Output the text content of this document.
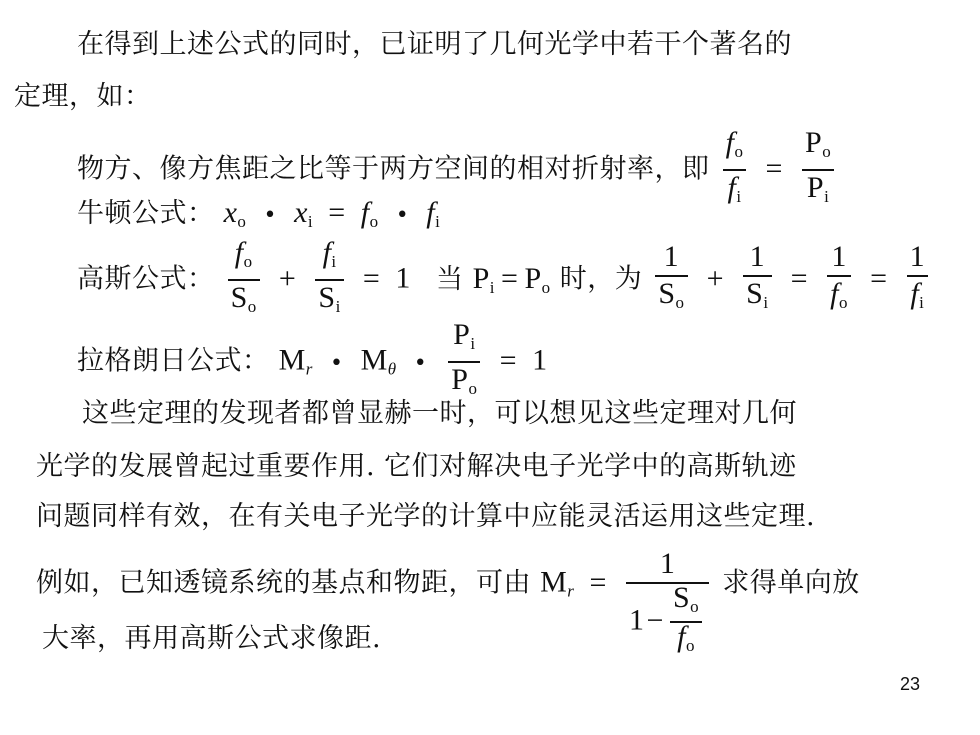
在得到上述公式的同时，已证明了几何光学中若干个著名的
定理，如：
物方、像方焦距之比等于两方空间的相对折射率，即 $\frac{f_o}{f_i} = \frac{P_o}{P_i}$
牛顿公式： $x_o$ • $x_i = f_o$ • $f_i$
高斯公式： $\frac{f_o}{S_o} + \frac{f_i}{S_i} = 1$ 当 $P_i = P_o$ 时，为 $\frac{1}{S_o} + \frac{1}{S_i} = \frac{1}{f_o} = \frac{1}{f_i}$
拉格朗日公式： $M_r$ • $M_\theta$ • $\frac{P_i}{P_o} = 1$
这些定理的发现者都曾显赫一时，可以想见这些定理对几何
光学的发展曾起过重要作用. 它们对解决电子光学中的高斯轨迹
问题同样有效，在有关电子光学的计算中应能灵活运用这些定理.
例如，已知透镜系统的基点和物距，可由 $M_r = \frac{1}{1- \frac{S_o}{f_o}}$ 求得单向放
大率，再用高斯公式求像距.
23
